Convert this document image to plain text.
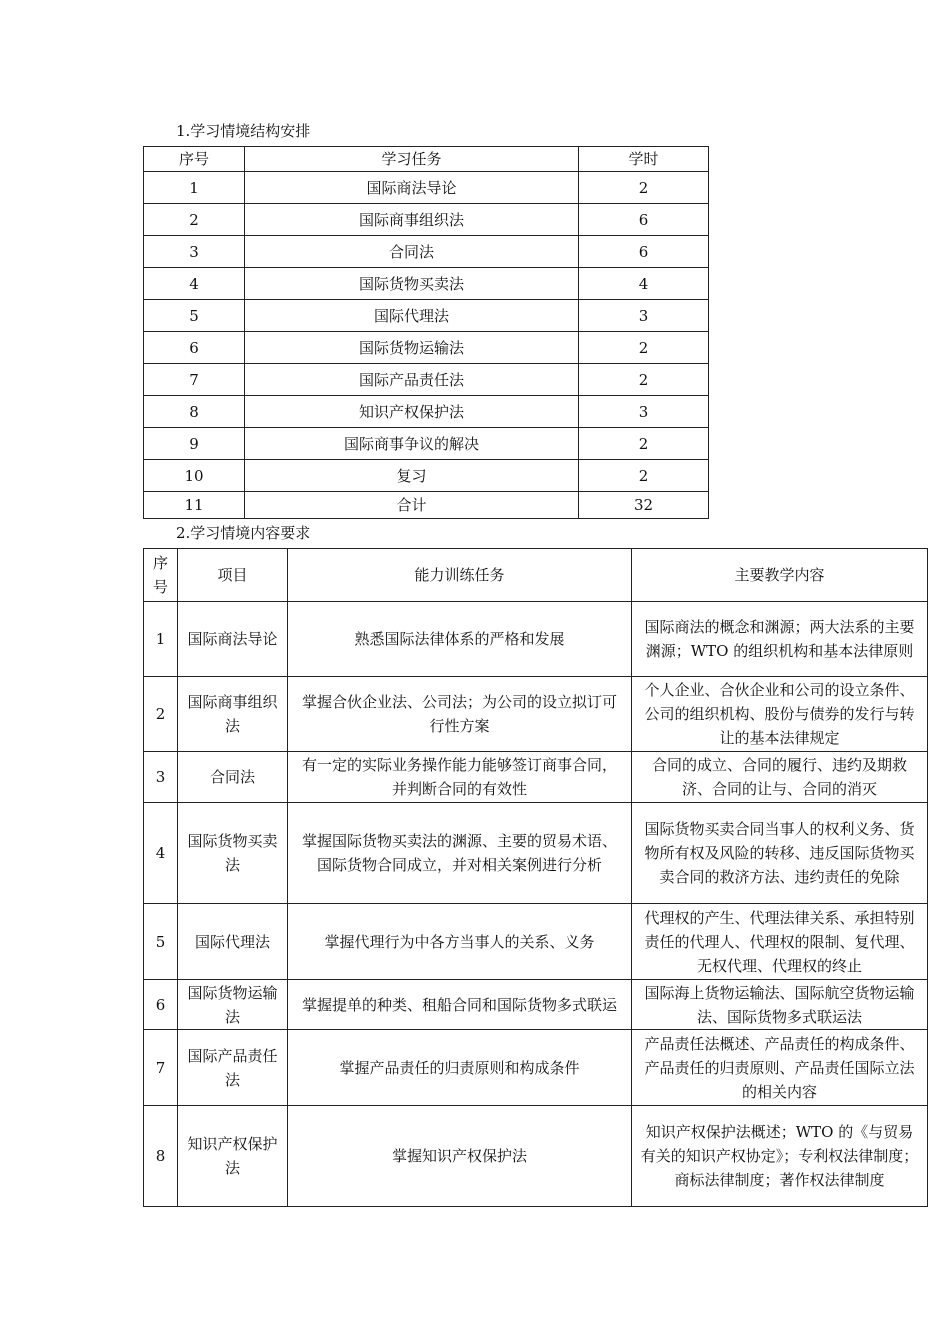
1.学习情境结构安排
序号	学习任务	学时
1	国际商法导论	2
2	国际商事组织法	6
3	合同法	6
4	国际货物买卖法	4
5	国际代理法	3
6	国际货物运输法	2
7	国际产品责任法	2
8	知识产权保护法	3
9	国际商事争议的解决	2
10	复习	2
11	合计	32
2.学习情境内容要求
序号	项目	能力训练任务	主要教学内容
1	国际商法导论	熟悉国际法律体系的严格和发展	国际商法的概念和渊源；两大法系的主要渊源；WTO 的组织机构和基本法律原则
2	国际商事组织法	掌握合伙企业法、公司法；为公司的设立拟订可行性方案	个人企业、合伙企业和公司的设立条件、公司的组织机构、股份与债券的发行与转让的基本法律规定
3	合同法	有一定的实际业务操作能力能够签订商事合同，并判断合同的有效性	合同的成立、合同的履行、违约及期救济、合同的让与、合同的消灭
4	国际货物买卖法	掌握国际货物买卖法的渊源、主要的贸易术语、国际货物合同成立，并对相关案例进行分析	国际货物买卖合同当事人的权利义务、货物所有权及风险的转移、违反国际货物买卖合同的救济方法、违约责任的免除
5	国际代理法	掌握代理行为中各方当事人的关系、义务	代理权的产生、代理法律关系、承担特别责任的代理人、代理权的限制、复代理、无权代理、代理权的终止
6	国际货物运输法	掌握提单的种类、租船合同和国际货物多式联运	国际海上货物运输法、国际航空货物运输法、国际货物多式联运法
7	国际产品责任法	掌握产品责任的归责原则和构成条件	产品责任法概述、产品责任的构成条件、产品责任的归责原则、产品责任国际立法的相关内容
8	知识产权保护法	掌握知识产权保护法	知识产权保护法概述；WTO 的《与贸易有关的知识产权协定》；专利权法律制度；商标法律制度；著作权法律制度
